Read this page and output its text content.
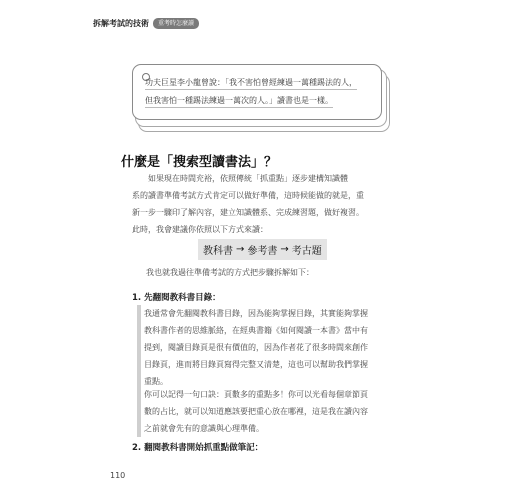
拆解考試的技術	重考時怎麼讀
功夫巨星李小龍曾說：「我不害怕曾經練過一萬種踢法的人，
但我害怕一種踢法練過一萬次的人。」讀書也是一樣。
什麼是「搜索型讀書法」？
如果現在時間充裕，依照傳統「抓重點」逐步建構知識體
系的讀書準備考試方式肯定可以做好準備，這時候能做的就是，重
新一步一驟印了解內容，建立知識體系、完成練習題，做好複習。
此時，我會建議你依照以下方式來讀：
教科書 → 參考書 → 考古題
我也就我過往準備考試的方式把步驟拆解如下：
1. 先翻閱教科書目錄：
我通常會先翻閱教科書目錄，因為能夠掌握目錄，其實能夠掌握
教科書作者的思維脈絡，在經典書籍《如何閱讀一本書》當中有
提到，閱讀目錄頁是很有價值的，因為作者花了很多時間來創作
目錄頁，進而將目錄頁寫得完整又清楚，這也可以幫助我們掌握
重點。
你可以記得一句口訣：頁數多的重點多！你可以光看每個章節頁
數的占比，就可以知道應該要把重心放在哪裡，這是我在讀內容
之前就會先有的意識與心理準備。
2. 翻閱教科書開始抓重點做筆記：
110
